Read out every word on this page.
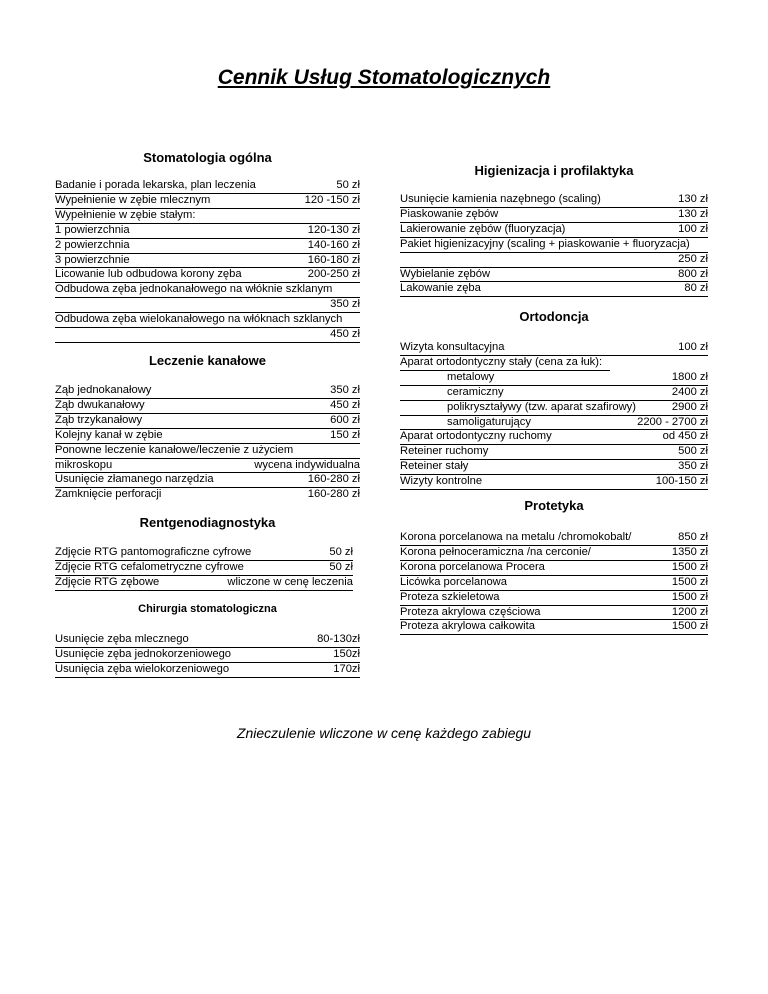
Cennik Usług Stomatologicznych
Stomatologia ogólna
Badanie i porada lekarska, plan leczenia	50 zł
Wypełnienie w zębie mlecznym	120 -150 zł
Wypełnienie w zębie stałym:
1 powierzchnia	120-130 zł
2 powierzchnia	140-160 zł
3 powierzchnie	160-180 zł
Licowanie lub odbudowa korony zęba	200-250 zł
Odbudowa zęba jednokanałowego na włóknie szklanym
350 zł
Odbudowa zęba wielokanałowego na włóknach szklanych
450 zł
Leczenie kanałowe
Ząb jednokanałowy	350 zł
Ząb dwukanałowy	450 zł
Ząb trzykanałowy	600 zł
Kolejny kanał w zębie	150 zł
Ponowne leczenie kanałowe/leczenie z użyciem
mikroskopu	wycena indywidualna
Usunięcie złamanego narzędzia	160-280 zł
Zamknięcie perforacji	160-280 zł
Rentgenodiagnostyka
Zdjęcie RTG pantomograficzne cyfrowe	50 zł
Zdjęcie RTG cefalometryczne cyfrowe	50 zł
Zdjęcie RTG zębowe	wliczone w cenę leczenia
Chirurgia stomatologiczna
Usunięcie zęba mlecznego	80-130zł
Usunięcie zęba jednokorzeniowego	150zł
Usunięcia zęba wielokorzeniowego	170zł
Higienizacja i profilaktyka
Usunięcie kamienia nazębnego (scaling)	130 zł
Piaskowanie zębów	130 zł
Lakierowanie zębów (fluoryzacja)	100 zł
Pakiet higienizacyjny (scaling + piaskowanie + fluoryzacja)
250 zł
Wybielanie zębów	800 zł
Lakowanie zęba	80 zł
Ortodoncja
Wizyta konsultacyjna	100 zł
Aparat ortodontyczny stały (cena za łuk):
metalowy	1800 zł
ceramiczny	2400 zł
polikryształywy (tzw. aparat szafirowy)	2900 zł
samoligaturujący	2200 - 2700 zł
Aparat ortodontyczny ruchomy	od 450 zł
Reteiner ruchomy	500 zł
Reteiner stały	350 zł
Wizyty kontrolne	100-150 zł
Protetyka
Korona porcelanowa na metalu /chromokobalt/	850 zł
Korona pełnoceramiczna /na cerconie/	1350 zł
Korona porcelanowa Procera	1500 zł
Licówka porcelanowa	1500 zł
Proteza szkieletowa	1500 zł
Proteza akrylowa częściowa	1200 zł
Proteza akrylowa całkowita	1500 zł
Znieczulenie wliczone w cenę każdego zabiegu
